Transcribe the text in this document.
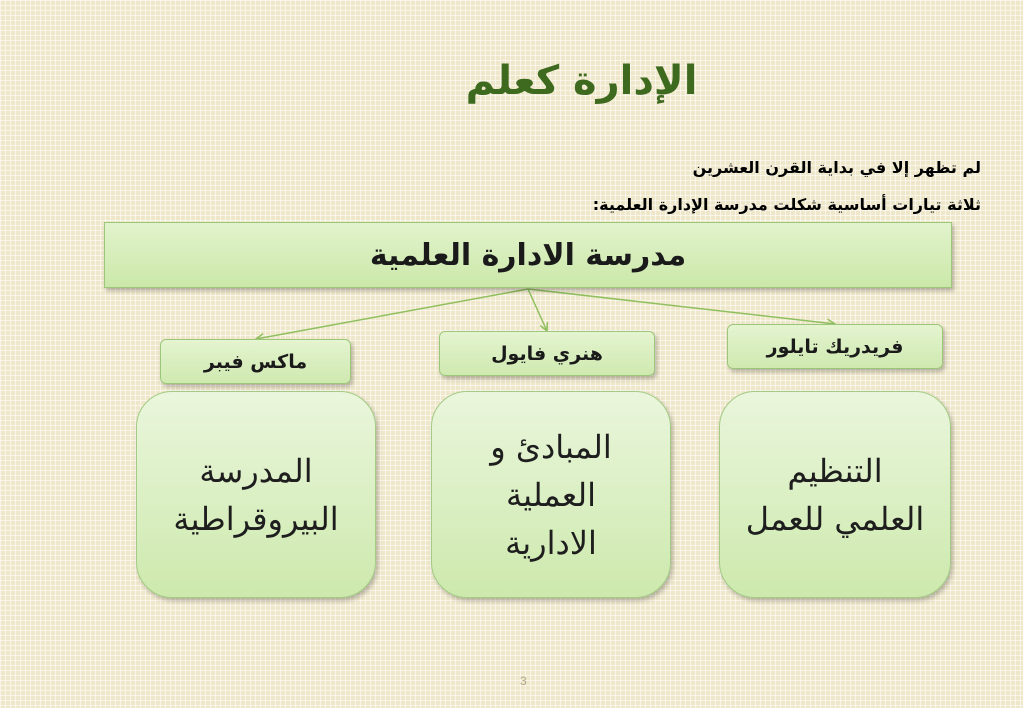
الإدارة كعلم
لم تظهر إلا في بداية القرن العشرين
ثلاثة تيارات أساسية شكلت مدرسة الإدارة العلمية:
مدرسة الادارة العلمية
ماكس فيبر	هنري فايول	فريدريك تايلور
المدرسة
البيروقراطية
المبادئ و
العملية
الادارية
التنظيم
العلمي للعمل
3
